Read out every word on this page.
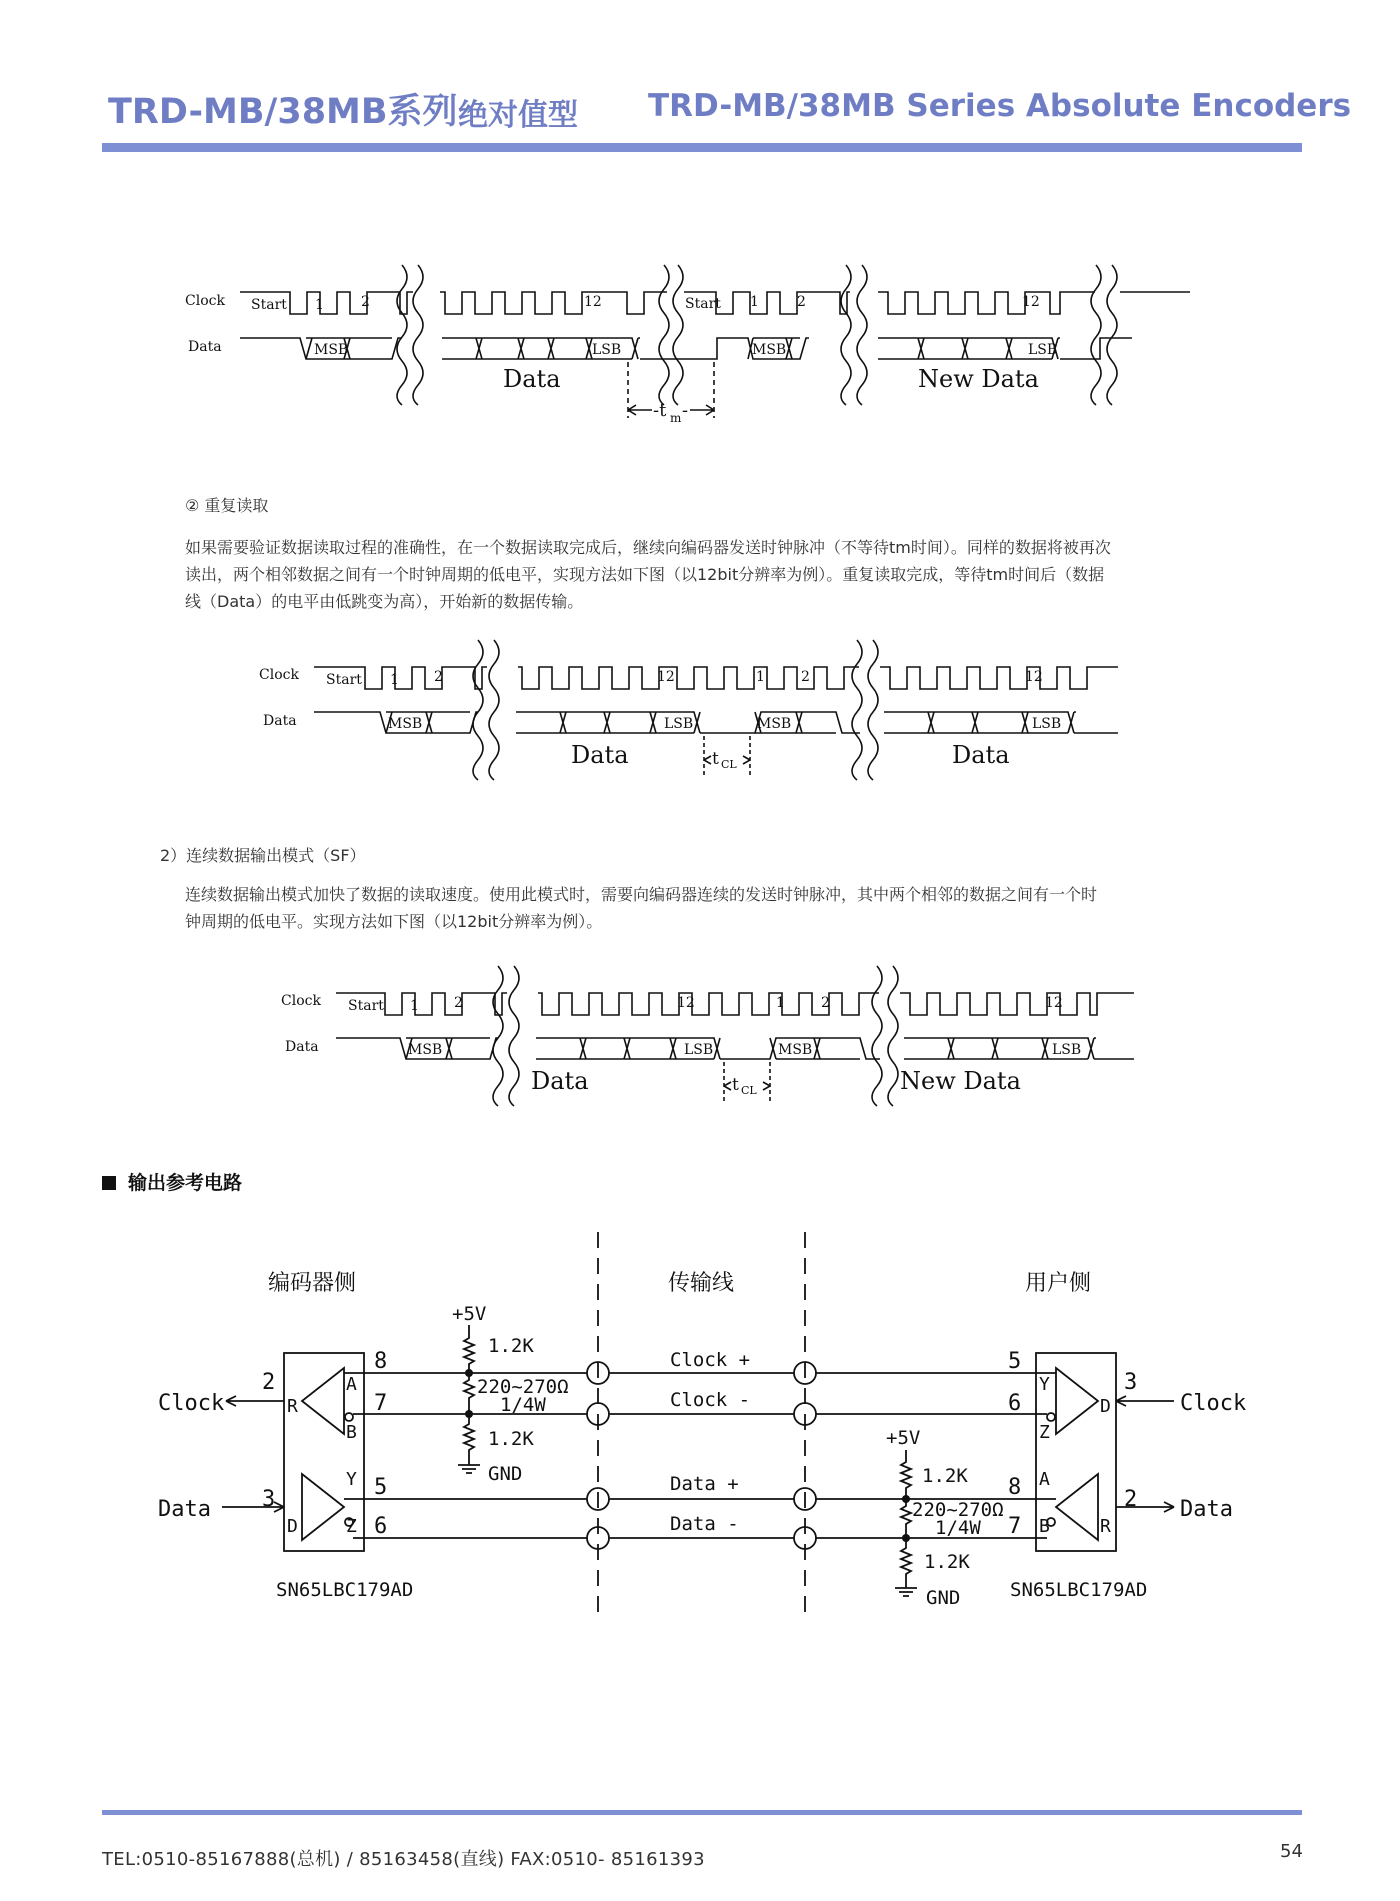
TRD-MB/38MB系列 绝对值型 TRD-MB/38MB Series Absolute Encoders
Clock
Data
Start 1	2	12	Start 1	2	12
MSB	LSB	MSB	LSB
Data	New Data
-t m -
② 重复读取
如果需要验证数据读取过程的准确性，在一个数据读取完成后，继续向编码器发送时钟脉冲（不等待tm时间）。同样的数据将被再次
读出，两个相邻数据之间有一个时钟周期的低电平，实现方法如下图（以12bit分辨率为例）。重复读取完成，等待tm时间后（数据
线（Data）的电平由低跳变为高），开始新的数据传输。
Clock
Data
Start 1	2	12	1	2	12
MSB	LSB	MSB	LSB
Data	Data
t CL
2）连续数据输出模式（SF）
连续数据输出模式加快了数据的读取速度。使用此模式时，需要向编码器连续的发送时钟脉冲，其中两个相邻的数据之间有一个时
钟周期的低电平。实现方法如下图（以12bit分辨率为例）。
Clock
Data
Start 1	2	12	1	2	12
MSB	LSB	MSB	LSB
Data	New Data
t CL
输出参考电路
编码器侧	传输线	用户侧
+5V
1.2K
220~270Ω
1/4W
1.2K
GND
+5V
1.2K
220~270Ω
1/4W
1.2K
GND
Clock +
Clock -
Data +
Data -
Clock
Data
Clock
Data
2
3
8
7
5
6
5
6
8
7
3
2
A
B
R
D
Y
Z
Y
Z
D
A
B	R
SN65LBC179AD	SN65LBC179AD
TEL:0510-85167888(总机) / 85163458(直线) FAX:0510- 85161393	54
